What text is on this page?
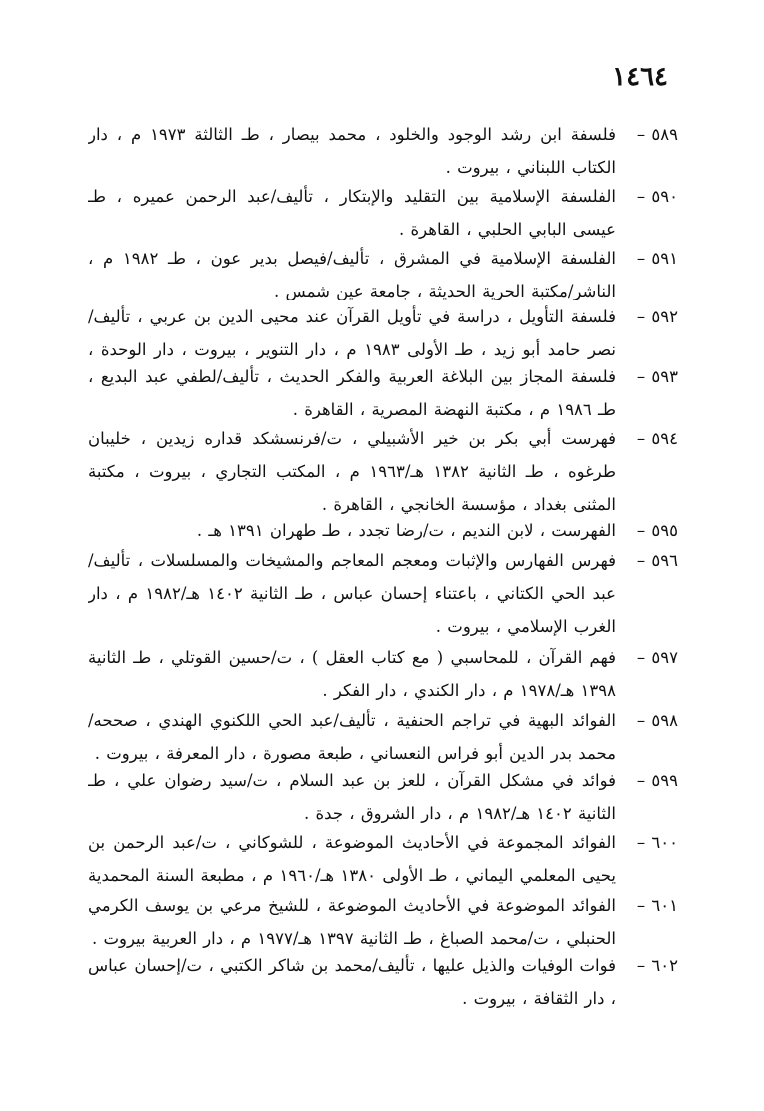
١٤٦٤
٥٨٩ –
فلسفة ابن رشد الوجود والخلود ، محمد بيصار ، طـ الثالثة ١٩٧٣ م ، دار الكتاب اللبناني ، بيروت .
٥٩٠ –
الفلسفة الإسلامية بين التقليد والإبتكار ، تأليف/عبد الرحمن عميره ، طـ عيسى البابي الحلبي ، القاهرة .
٥٩١ –
الفلسفة الإسلامية في المشرق ، تأليف/فيصل بدير عون ، طـ ١٩٨٢ م ، الناشر/مكتبة الحرية الحديثة ، جامعة عين شمس .
٥٩٢ –
فلسفة التأويل ، دراسة في تأويل القرآن عند محيى الدين بن عربي ، تأليف/نصر حامد أبو زيد ، طـ الأولى ١٩٨٣ م ، دار التنوير ، بيروت ، دار الوحدة ،
٥٩٣ –
فلسفة المجاز بين البلاغة العربية والفكر الحديث ، تأليف/لطفي عبد البديع ، طـ ١٩٨٦ م ، مكتبة النهضة المصرية ، القاهرة .
٥٩٤ –
فهرست أبي بكر بن خير الأشبيلي ، ت/فرنسشكد قداره زيدين ، خليبان طرغوه ، طـ الثانية ١٣٨٢ هـ/١٩٦٣ م ، المكتب التجاري ، بيروت ، مكتبة المثنى بغداد ، مؤسسة الخانجي ، القاهرة .
٥٩٥ –
الفهرست ، لابن النديم ، ت/رضا تجدد ، طـ طهران ١٣٩١ هـ .
٥٩٦ –
فهرس الفهارس والإثبات ومعجم المعاجم والمشيخات والمسلسلات ، تأليف/عبد الحي الكتاني ، باعتناء إحسان عباس ، طـ الثانية ١٤٠٢ هـ/١٩٨٢ م ، دار الغرب الإسلامي ، بيروت .
٥٩٧ –
فهم القرآن ، للمحاسبي ( مع كتاب العقل ) ، ت/حسين القوتلي ، طـ الثانية ١٣٩٨ هـ/١٩٧٨ م ، دار الكندي ، دار الفكر .
٥٩٨ –
الفوائد البهية في تراجم الحنفية ، تأليف/عبد الحي اللكنوي الهندي ، صححه/محمد بدر الدين أبو فراس النعساني ، طبعة مصورة ، دار المعرفة ، بيروت .
٥٩٩ –
فوائد في مشكل القرآن ، للعز بن عبد السلام ، ت/سيد رضوان علي ، طـ الثانية ١٤٠٢ هـ/١٩٨٢ م ، دار الشروق ، جدة .
٦٠٠ –
الفوائد المجموعة في الأحاديث الموضوعة ، للشوكاني ، ت/عبد الرحمن بن يحيى المعلمي اليماني ، طـ الأولى ١٣٨٠ هـ/١٩٦٠ م ، مطبعة السنة المحمدية
٦٠١ –
الفوائد الموضوعة في الأحاديث الموضوعة ، للشيخ مرعي بن يوسف الكرمي الحنبلي ، ت/محمد الصباغ ، طـ الثانية ١٣٩٧ هـ/١٩٧٧ م ، دار العربية بيروت .
٦٠٢ –
فوات الوفيات والذيل عليها ، تأليف/محمد بن شاكر الكتبي ، ت/إحسان عباس ، دار الثقافة ، بيروت .
